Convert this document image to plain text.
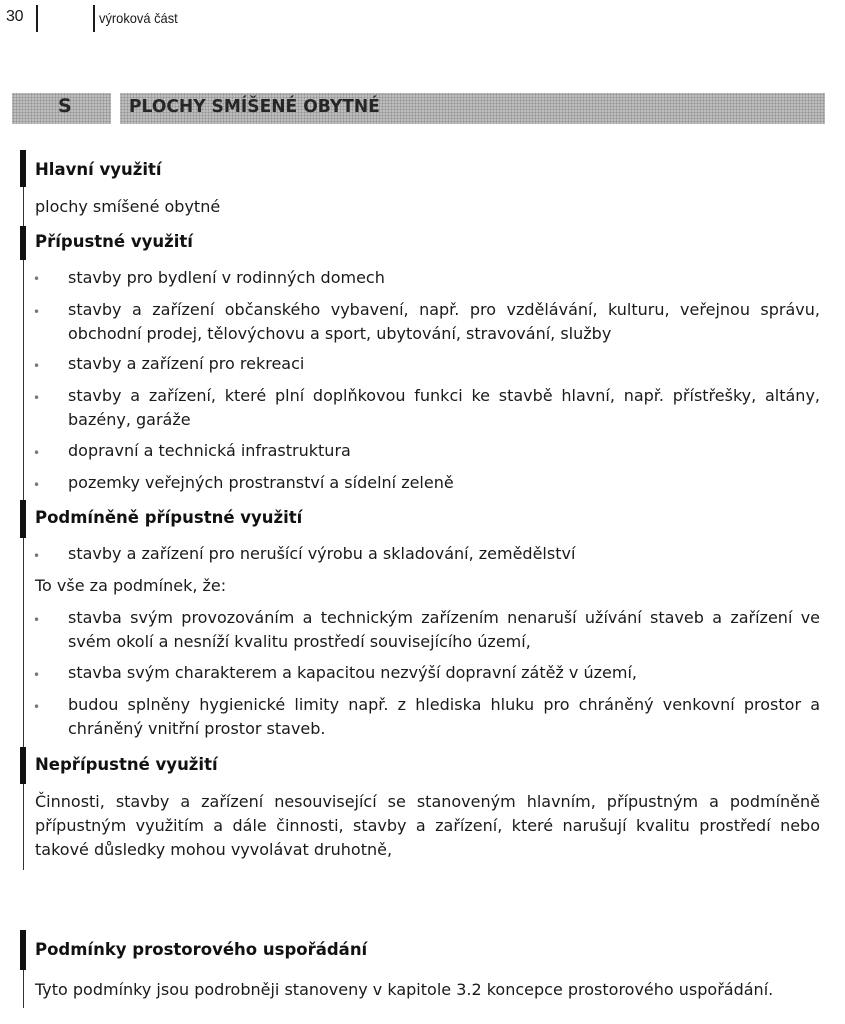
30	výroková část
S	PLOCHY SMÍŠENÉ OBYTNÉ
Hlavní využití
plochy smíšené obytné
Přípustné využití
• stavby pro bydlení v rodinných domech
• stavby a zařízení občanského vybavení, např. pro vzdělávání, kulturu, veřejnou správu, obchodní prodej, tělovýchovu a sport, ubytování, stravování, služby
• stavby a zařízení pro rekreaci
• stavby a zařízení, které plní doplňkovou funkci ke stavbě hlavní, např. přístřešky, altány, bazény, garáže
• dopravní a technická infrastruktura
• pozemky veřejných prostranství a sídelní zeleně
Podmíněně přípustné využití
• stavby a zařízení pro nerušící výrobu a skladování, zemědělství
To vše za podmínek, že:
• stavba svým provozováním a technickým zařízením nenaruší užívání staveb a zařízení ve svém okolí a nesníží kvalitu prostředí souvisejícího území,
• stavba svým charakterem a kapacitou nezvýší dopravní zátěž v území,
• budou splněny hygienické limity např. z hlediska hluku pro chráněný venkovní prostor a chráněný vnitřní prostor staveb.
Nepřípustné využití
Činnosti, stavby a zařízení nesouvisející se stanoveným hlavním, přípustným a podmíněně přípustným využitím a dále činnosti, stavby a zařízení, které narušují kvalitu prostředí nebo takové důsledky mohou vyvolávat druhotně,
Podmínky prostorového uspořádání
Tyto podmínky jsou podrobněji stanoveny v kapitole 3.2 koncepce prostorového uspořádání.
